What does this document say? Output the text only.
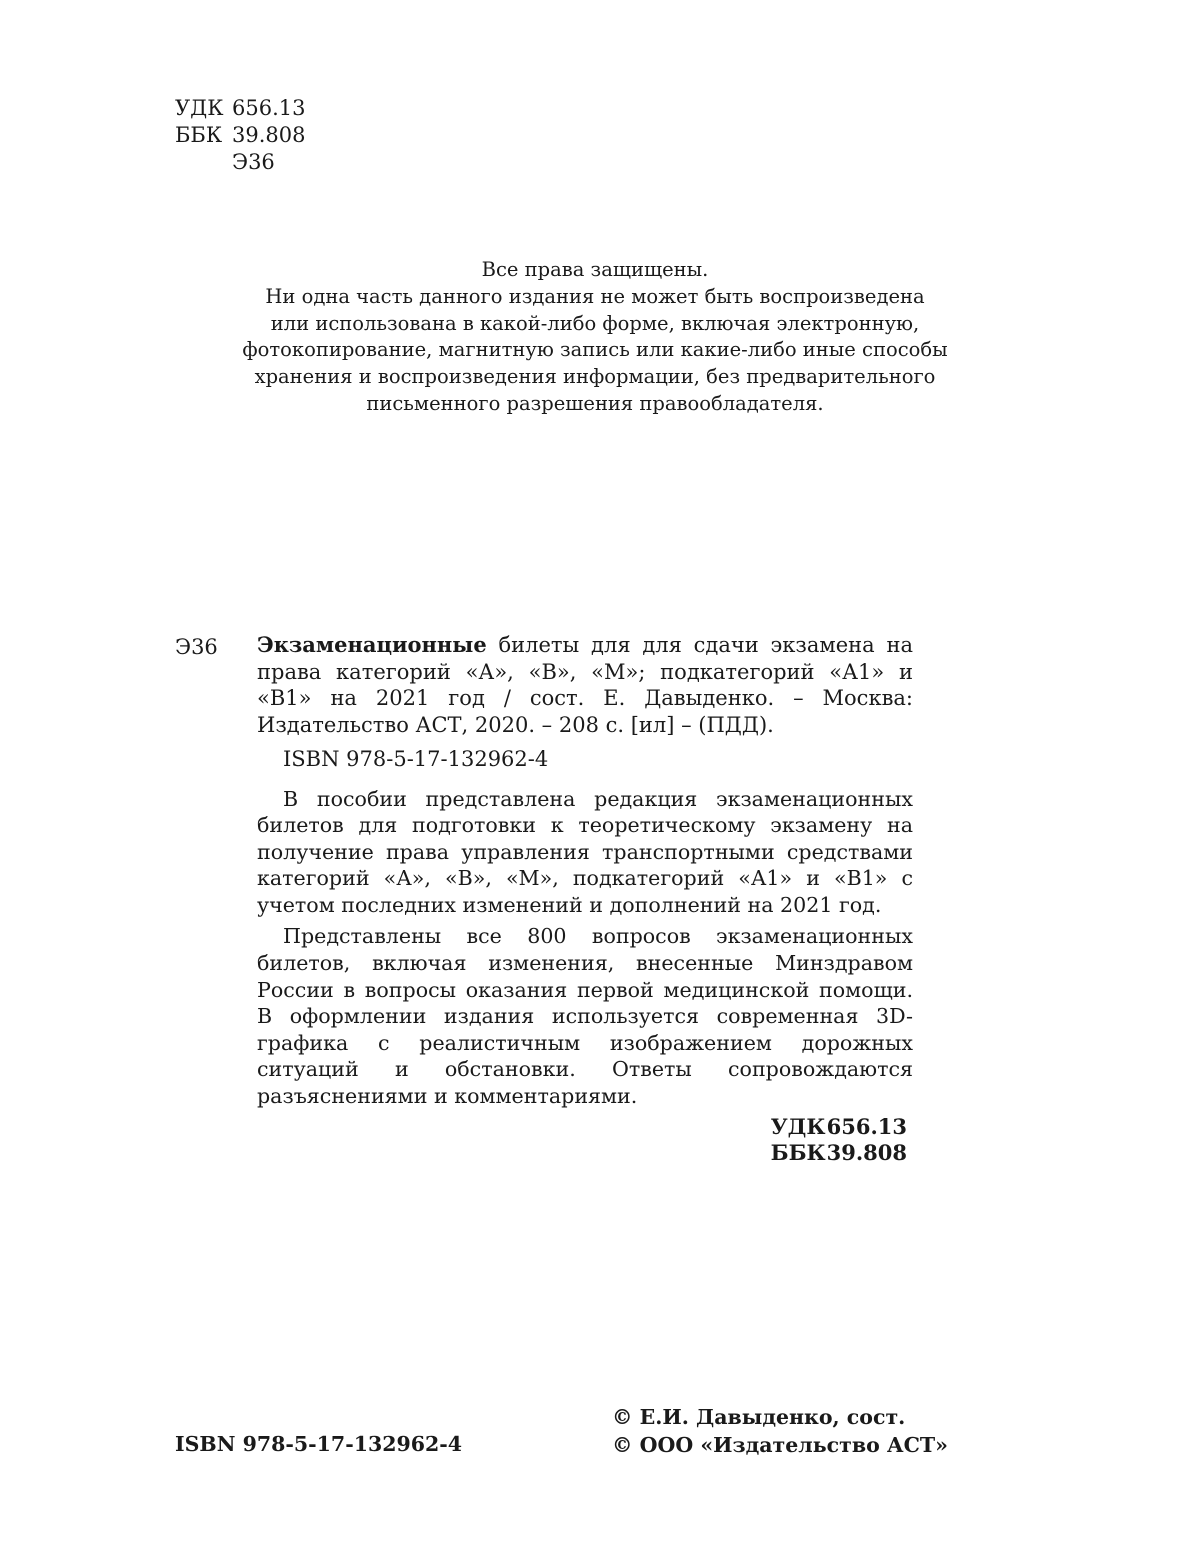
УДК 656.13
ББК 39.808
Э36
Все права защищены.
Ни одна часть данного издания не может быть воспроизведена
или использована в какой-либо форме, включая электронную,
фотокопирование, магнитную запись или какие-либо иные способы
хранения и воспроизведения информации, без предварительного
письменного разрешения правообладателя.
Э36 Экзаменационные билеты для для сдачи экзамена на права категорий «А», «В», «М»; подкатегорий «А1» и «В1» на 2021 год / сост. Е. Давыденко. – Москва: Издательство АСТ, 2020. – 208 с. [ил] – (ПДД).
ISBN 978-5-17-132962-4

В пособии представлена редакция экзаменационных билетов для подготовки к теоретическому экзамену на получение права управления транспортными средствами категорий «А», «В», «М», подкатегорий «А1» и «В1» с учетом последних изменений и дополнений на 2021 год.

Представлены все 800 вопросов экзаменационных билетов, включая изменения, внесенные Минздравом России в вопросы оказания первой медицинской помощи. В оформлении издания используется современная 3D-графика с реалистичным изображением дорожных ситуаций и обстановки. Ответы сопровождаются разъяснениями и комментариями.

УДК 656.13
ББК 39.808
ISBN 978-5-17-132962-4
© Е.И. Давыденко, сост.
© ООО «Издательство АСТ»
